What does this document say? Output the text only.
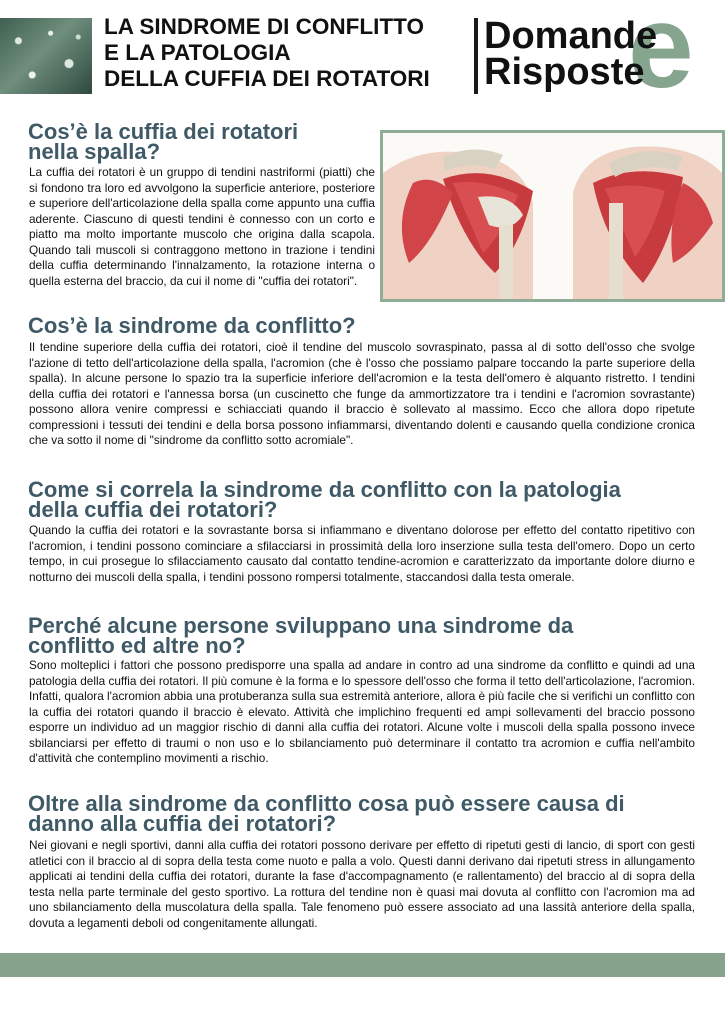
LA SINDROME DI CONFLITTO
E LA PATOLOGIA
DELLA CUFFIA DEI ROTATORI	e
Domande
Risposte
Cos’è la cuffia dei rotatori
nella spalla?

La cuffia dei rotatori è un gruppo di tendini nastriformi (piatti) che si fondono tra loro ed avvolgono la superficie anteriore, posteriore e superiore dell'articolazione della spalla come appunto una cuffia aderente. Ciascuno di questi tendini è connesso con un corto e piatto ma molto importante muscolo che origina dalla scapola. Quando tali muscoli si contraggono mettono in trazione i tendini della cuffia determinando l'innalzamento, la rotazione interna o quella esterna del braccio, da cui il nome di "cuffia dei rotatori".

Cos’è la sindrome da conflitto?

Il tendine superiore della cuffia dei rotatori, cioè il tendine del muscolo sovraspinato, passa al di sotto dell'osso che svolge l'azione di tetto dell'articolazione della spalla, l'acromion (che è l'osso che possiamo palpare toccando la parte superiore della spalla). In alcune persone lo spazio tra la superficie inferiore dell'acromion e la testa dell'omero è alquanto ristretto. I tendini della cuffia dei rotatori e l'annessa borsa (un cuscinetto che funge da ammortizzatore tra i tendini e l'acromion sovrastante) possono allora venire compressi e schiacciati quando il braccio è sollevato al massimo. Ecco che allora dopo ripetute compressioni i tessuti dei tendini e della borsa possono infiammarsi, diventando dolenti e causando quella condizione cronica che va sotto il nome di "sindrome da conflitto sotto acromiale".

Come si correla la sindrome da conflitto con la patologia
della cuffia dei rotatori?

Quando la cuffia dei rotatori e la sovrastante borsa si infiammano e diventano dolorose per effetto del contatto ripetitivo con l'acromion, i tendini possono cominciare a sfilacciarsi in prossimità della loro inserzione sulla testa dell'omero. Dopo un certo tempo, in cui prosegue lo sfilacciamento causato dal contatto tendine-acromion e caratterizzato da importante dolore diurno e notturno dei muscoli della spalla, i tendini possono rompersi totalmente, staccandosi dalla testa omerale.

Perché alcune persone sviluppano una sindrome da
conflitto ed altre no?

Sono molteplici i fattori che possono predisporre una spalla ad andare in contro ad una sindrome da conflitto e quindi ad una patologia della cuffia dei rotatori. Il più comune è la forma e lo spessore dell'osso che forma il tetto dell'articolazione, l'acromion. Infatti, qualora l'acromion abbia una protuberanza sulla sua estremità anteriore, allora è più facile che si verifichi un conflitto con la cuffia dei rotatori quando il braccio è elevato. Attività che implichino frequenti ed ampi sollevamenti del braccio possono esporre un individuo ad un maggior rischio di danni alla cuffia dei rotatori. Alcune volte i muscoli della spalla possono invece sbilanciarsi per effetto di traumi o non uso e lo sbilanciamento può determinare il contatto tra acromion e cuffia nell'ambito d'attività che contemplino movimenti a rischio.

Oltre alla sindrome da conflitto cosa può essere causa di
danno alla cuffia dei rotatori?

Nei giovani e negli sportivi, danni alla cuffia dei rotatori possono derivare per effetto di ripetuti gesti di lancio, di sport con gesti atletici con il braccio al di sopra della testa come nuoto e palla a volo. Questi danni derivano dai ripetuti stress in allungamento applicati ai tendini della cuffia dei rotatori, durante la fase d'accompagnamento (e rallentamento) del braccio al di sopra della testa nella parte terminale del gesto sportivo. La rottura del tendine non è quasi mai dovuta al conflitto con l'acromion ma ad uno sbilanciamento della muscolatura della spalla. Tale fenomeno può essere associato ad una lassità anteriore della spalla, dovuta a legamenti deboli od congenitamente allungati.
